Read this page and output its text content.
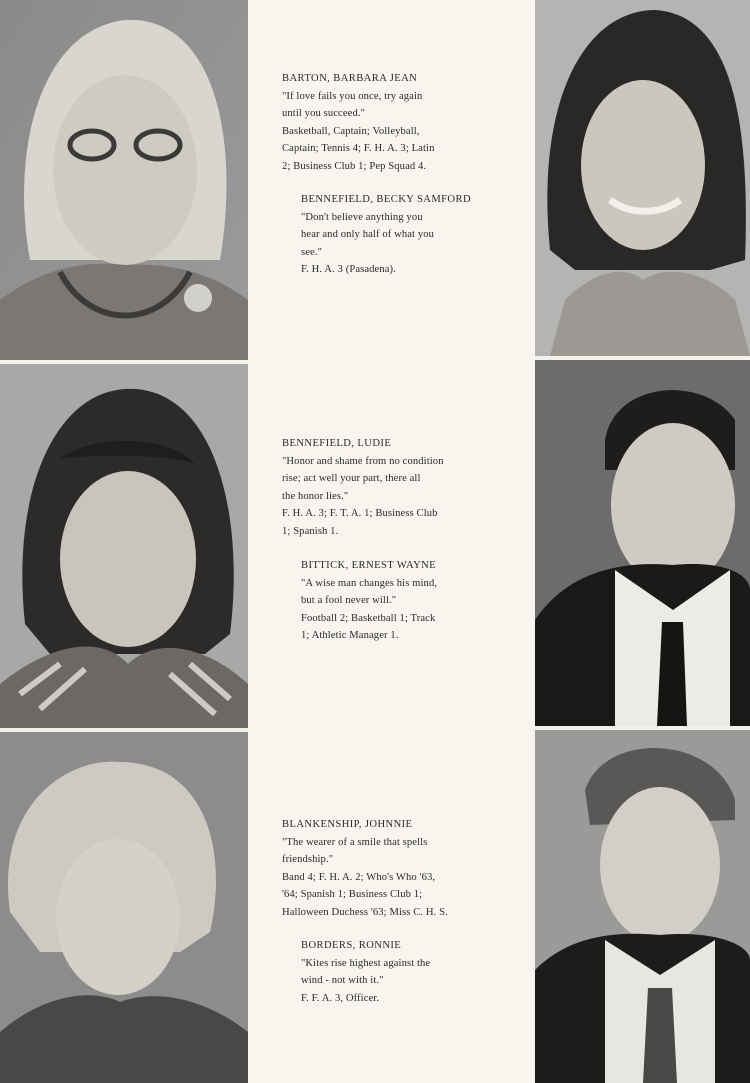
BARTON, BARBARA JEAN
"If love fails you once, try again
until you succeed."
Basketball, Captain; Volleyball,
Captain; Tennis 4; F. H. A. 3; Latin
2; Business Club 1; Pep Squad 4.
BENNEFIELD, BECKY SAMFORD
"Don't believe anything you
hear and only half of what you
see."
F. H. A. 3 (Pasadena).
BENNEFIELD, LUDIE
"Honor and shame from no condition
rise; act well your part, there all
the honor lies."
F. H. A. 3; F. T. A. 1; Business Club
1; Spanish 1.
BITTICK, ERNEST WAYNE
"A wise man changes his mind,
but a fool never will."
Football 2; Basketball 1; Track
1; Athletic Manager 1.
BLANKENSHIP, JOHNNIE
"The wearer of a smile that spells
friendship."
Band 4; F. H. A. 2; Who's Who '63,
'64; Spanish 1; Business Club 1;
Halloween Duchess '63; Miss C. H. S.
BORDERS, RONNIE
"Kites rise highest against the
wind - not with it."
F. F. A. 3, Officer.
